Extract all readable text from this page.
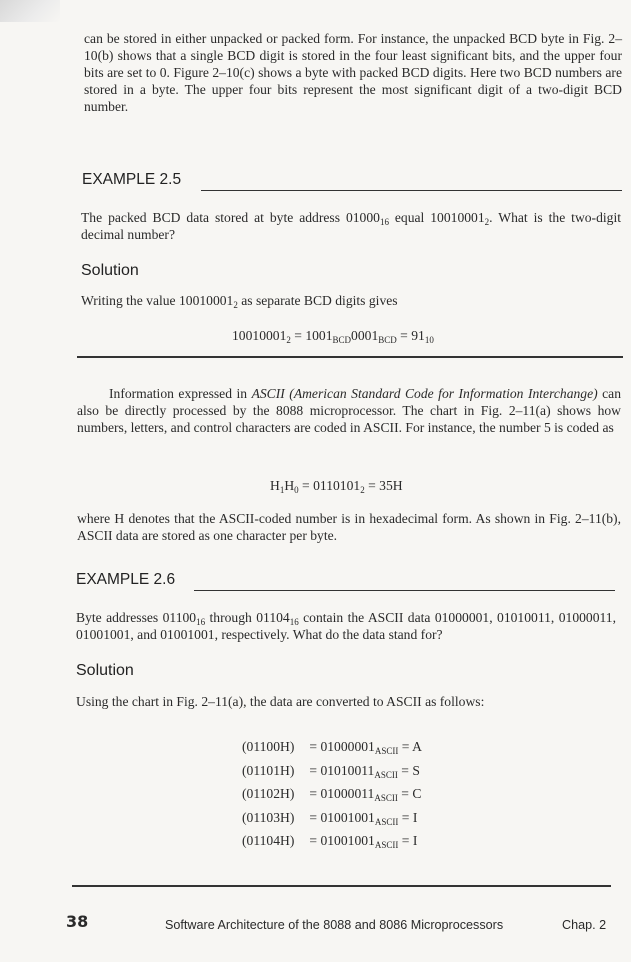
can be stored in either unpacked or packed form. For instance, the unpacked BCD byte in Fig. 2–10(b) shows that a single BCD digit is stored in the four least significant bits, and the upper four bits are set to 0. Figure 2–10(c) shows a byte with packed BCD digits. Here two BCD numbers are stored in a byte. The upper four bits represent the most significant digit of a two-digit BCD number.

EXAMPLE 2.5

The packed BCD data stored at byte address $01000_{16}$ equal $10010001_2$. What is the two-digit decimal number?

Solution

Writing the value $10010001_2$ as separate BCD digits gives

$10010001_2 = 1001_{BCD}0001_{BCD} = 91_{10}$

Information expressed in ASCII (American Standard Code for Information Interchange) can also be directly processed by the 8088 microprocessor. The chart in Fig. 2–11(a) shows how numbers, letters, and control characters are coded in ASCII. For instance, the number 5 is coded as

$H_1H_0 = 0110101_2 = 35H$

where H denotes that the ASCII-coded number is in hexadecimal form. As shown in Fig. 2–11(b), ASCII data are stored as one character per byte.

EXAMPLE 2.6

Byte addresses $01100_{16}$ through $01104_{16}$ contain the ASCII data 01000001, 01010011, 01000011, 01001001, and 01001001, respectively. What do the data stand for?

Solution

Using the chart in Fig. 2–11(a), the data are converted to ASCII as follows:

$(01100H) = 01000001_{ASCII} = A$
$(01101H) = 01010011_{ASCII} = S$
$(01102H) = 01000011_{ASCII} = C$
$(01103H) = 01001001_{ASCII} = I$
$(01104H) = 01001001_{ASCII} = I$
38	Software Architecture of the 8088 and 8086 Microprocessors	Chap. 2
